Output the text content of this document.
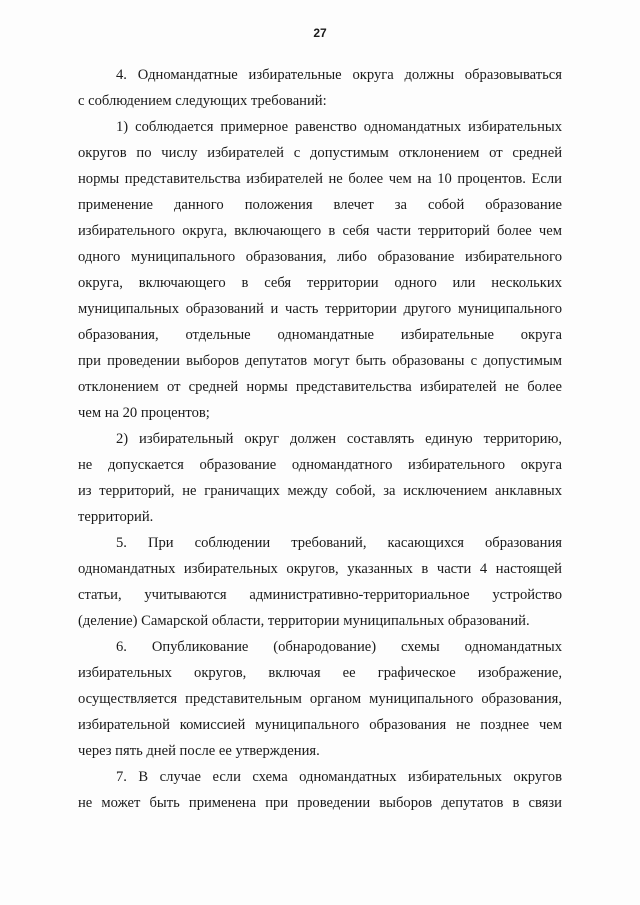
27
4. Одномандатные избирательные округа должны образовываться
с соблюдением следующих требований:
1) соблюдается примерное равенство одномандатных избирательных
округов по числу избирателей с допустимым отклонением от средней
нормы представительства избирателей не более чем на 10 процентов. Если
применение данного положения влечет за собой образование
избирательного округа, включающего в себя части территорий более чем
одного муниципального образования, либо образование избирательного
округа, включающего в себя территории одного или нескольких
муниципальных образований и часть территории другого муниципального
образования, отдельные одномандатные избирательные округа
при проведении выборов депутатов могут быть образованы с допустимым
отклонением от средней нормы представительства избирателей не более
чем на 20 процентов;
2) избирательный округ должен составлять единую территорию,
не допускается образование одномандатного избирательного округа
из территорий, не граничащих между собой, за исключением анклавных
территорий.
5. При соблюдении требований, касающихся образования
одномандатных избирательных округов, указанных в части 4 настоящей
статьи, учитываются административно-территориальное устройство
(деление) Самарской области, территории муниципальных образований.
6. Опубликование (обнародование) схемы одномандатных
избирательных округов, включая ее графическое изображение,
осуществляется представительным органом муниципального образования,
избирательной комиссией муниципального образования не позднее чем
через пять дней после ее утверждения.
7. В случае если схема одномандатных избирательных округов
не может быть применена при проведении выборов депутатов в связи
